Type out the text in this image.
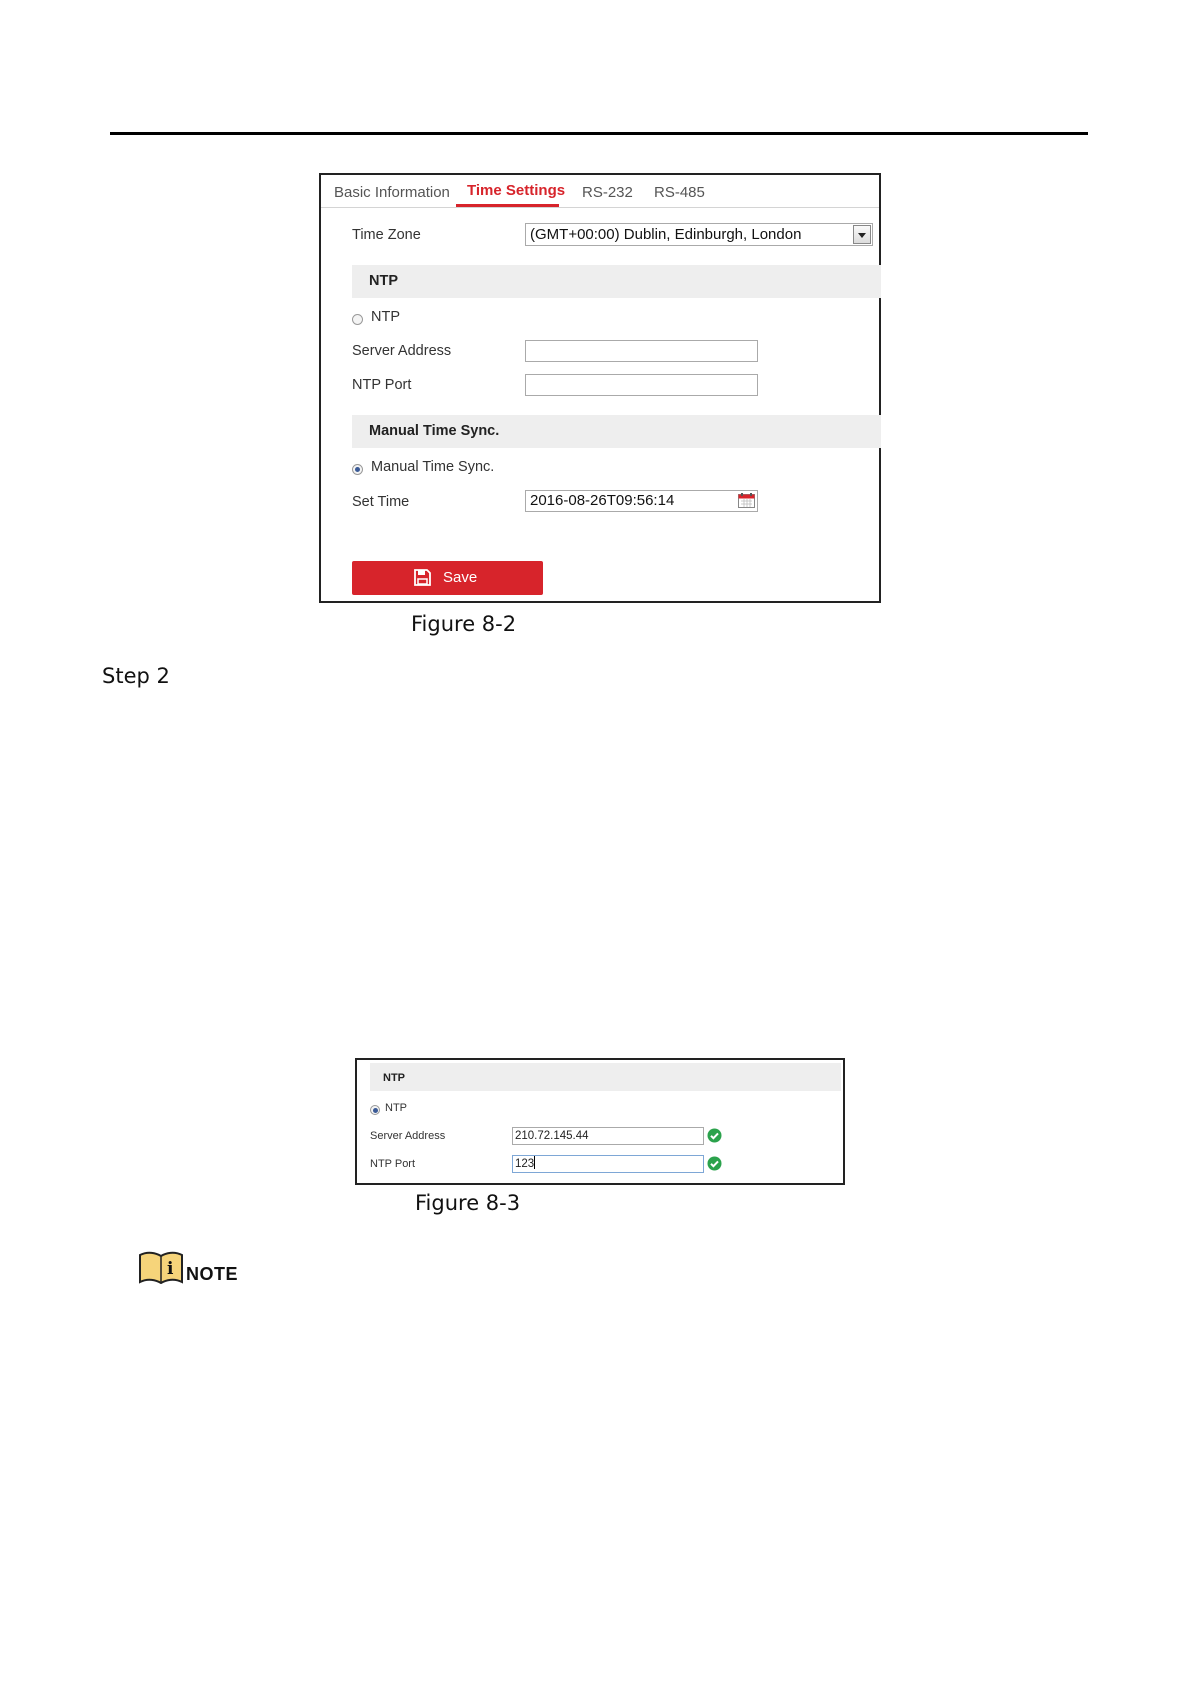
Basic Information Time Settings RS-232 RS-485
Time Zone	(GMT+00:00) Dublin, Edinburgh, London
NTP
NTP
Server Address
NTP Port
Manual Time Sync.
Manual Time Sync.
Set Time	2016-08-26T09:56:14
Save
Figure 8-2
Step 2
NTP
NTP
Server Address	210.72.145.44
NTP Port	123
Figure 8-3
i NOTE
